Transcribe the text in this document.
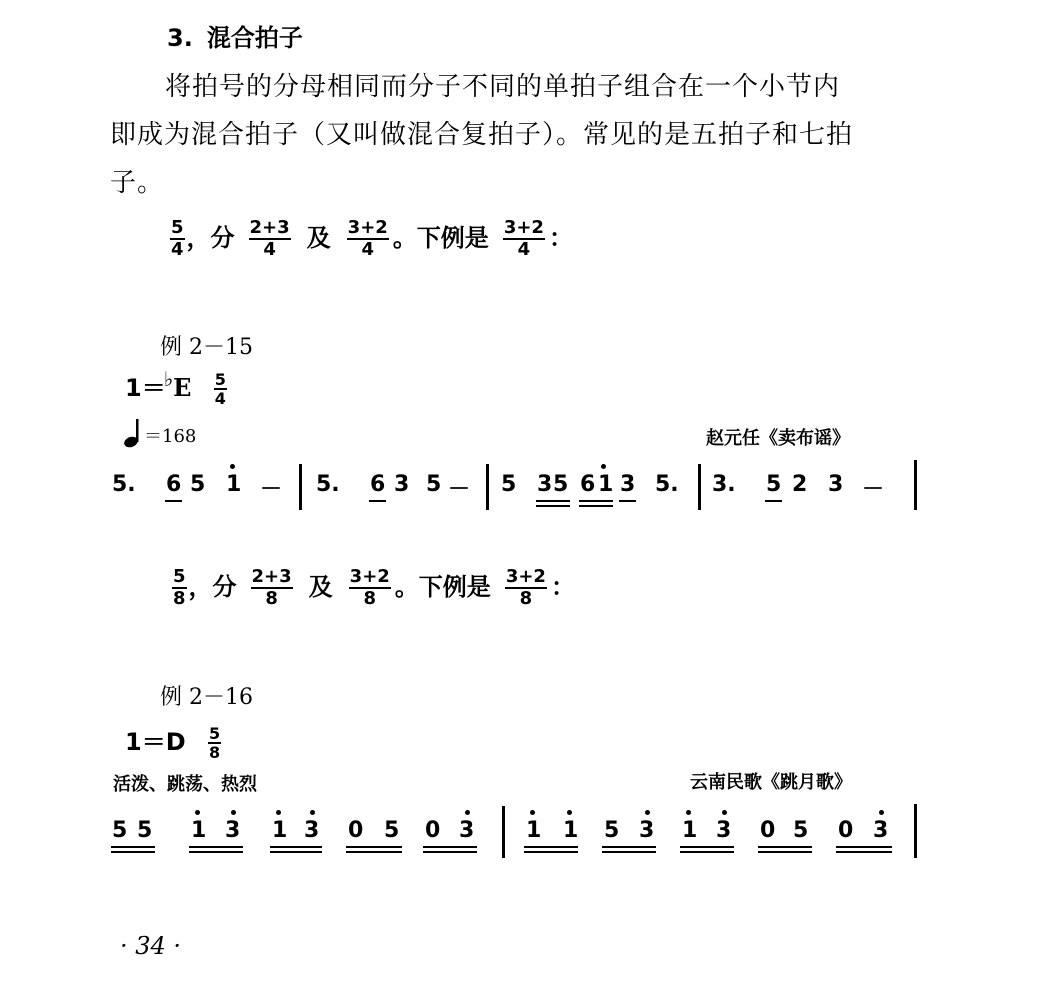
3. 混合拍子
将拍号的分母相同而分子不同的单拍子组合在一个小节内
即成为混合拍子（又叫做混合复拍子）。常见的是五拍子和七拍
子。
$\frac{5}{4}$ ，分 $\frac{2+3}{4}$ 及 $\frac{3+2}{4}$ 。下例是 $\frac{3+2}{4}$ ：
例 2－15
$1=^♭E \frac{5}{4}$
＝168	赵元任《卖布谣》
5. 6 5 1 － 5. 6 3 5 － 5 3 5 6 1 3 5. 3. 5 2 3 －
$\frac{5}{8}$ ，分 $\frac{2+3}{8}$ 及 $\frac{3+2}{8}$ 。下例是 $\frac{3+2}{8}$ ：
例 2－16
$1=D \frac{5}{8}$
活泼、跳荡、热烈	云南民歌《跳月歌》
5 5 1 3 1 3 0 5 0 3 1 1 5 3 1 3 0 5 0 3
· 34 ·
